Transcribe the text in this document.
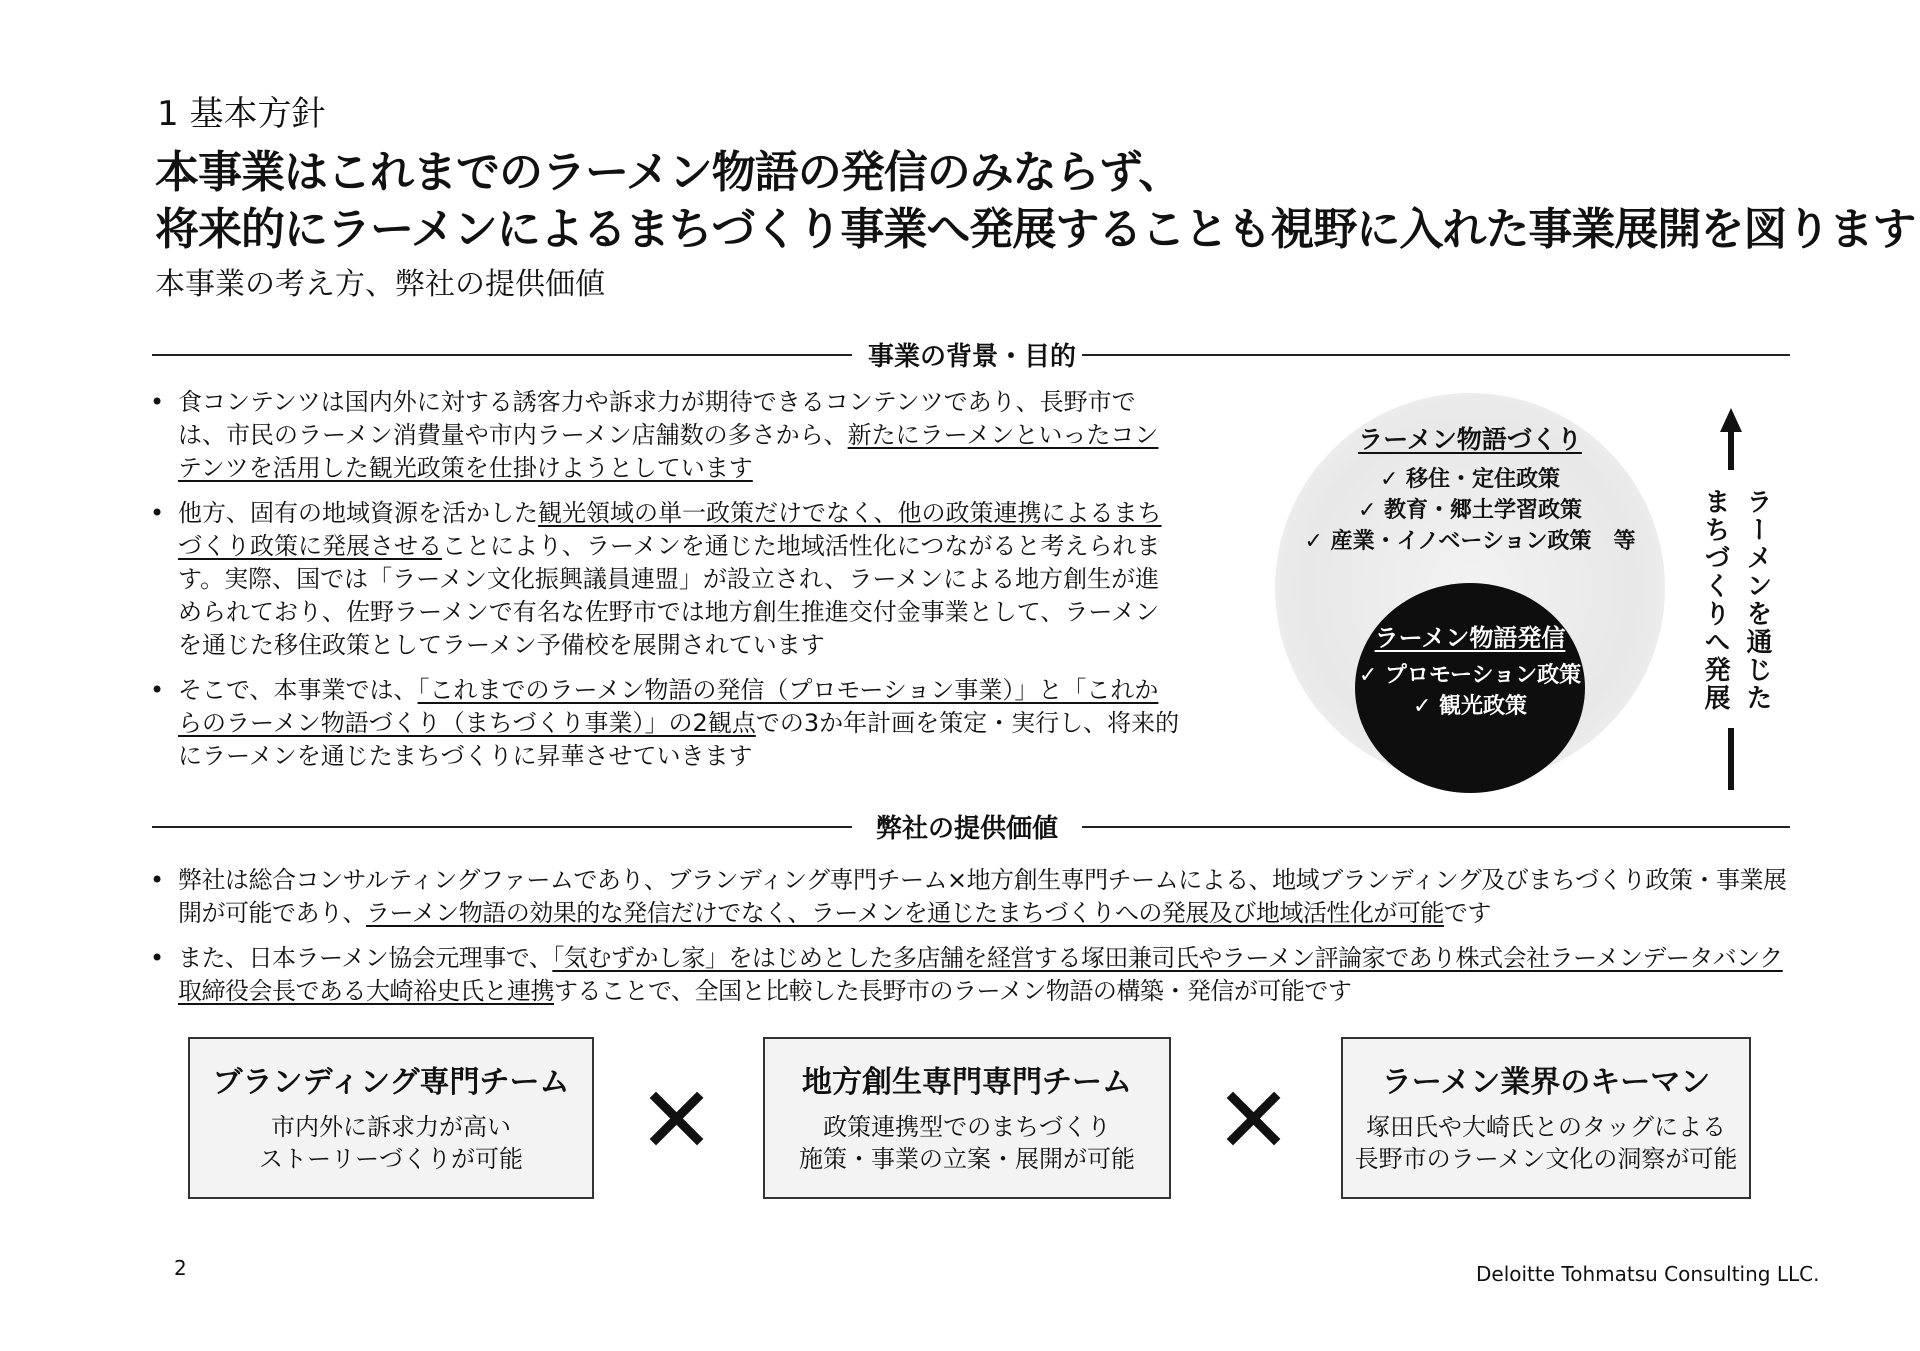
1 基本方針
本事業はこれまでのラーメン物語の発信のみならず、
将来的にラーメンによるまちづくり事業へ発展することも視野に入れた事業展開を図ります
本事業の考え方、弊社の提供価値
事業の背景・目的
• 食コンテンツは国内外に対する誘客力や訴求力が期待できるコンテンツであり、長野市では、市民のラーメン消費量や市内ラーメン店舗数の多さから、新たにラーメンといったコンテンツを活用した観光政策を仕掛けようとしています
• 他方、固有の地域資源を活かした観光領域の単一政策だけでなく、他の政策連携によるまちづくり政策に発展させることにより、ラーメンを通じた地域活性化につながると考えられます。実際、国では「ラーメン文化振興議員連盟」が設立され、ラーメンによる地方創生が進められており、佐野ラーメンで有名な佐野市では地方創生推進交付金事業として、ラーメンを通じた移住政策としてラーメン予備校を展開されています
• そこで、本事業では、「これまでのラーメン物語の発信（プロモーション事業）」と「これからのラーメン物語づくり（まちづくり事業）」の2観点での3か年計画を策定・実行し、将来的にラーメンを通じたまちづくりに昇華させていきます
ラーメン物語づくり
✓ 移住・定住政策
✓ 教育・郷土学習政策
✓ 産業・イノベーション政策　等
ラーメン物語発信
✓ プロモーション政策
✓ 観光政策	ラーメンを通じた
まちづくりへ発展
弊社の提供価値
• 弊社は総合コンサルティングファームであり、ブランディング専門チーム×地方創生専門チームによる、地域ブランディング及びまちづくり政策・事業展開が可能であり、ラーメン物語の効果的な発信だけでなく、ラーメンを通じたまちづくりへの発展及び地域活性化が可能です
• また、日本ラーメン協会元理事で、「気むずかし家」をはじめとした多店舗を経営する塚田兼司氏やラーメン評論家であり株式会社ラーメンデータバンク取締役会長である大崎裕史氏と連携することで、全国と比較した長野市のラーメン物語の構築・発信が可能です
ブランディング専門チーム
市内外に訴求力が高い
ストーリーづくりが可能	✕	地方創生専門専門チーム
政策連携型でのまちづくり
施策・事業の立案・展開が可能 ✕	ラーメン業界のキーマン
塚田氏や大崎氏とのタッグによる
長野市のラーメン文化の洞察が可能
2	Deloitte Tohmatsu Consulting LLC.
